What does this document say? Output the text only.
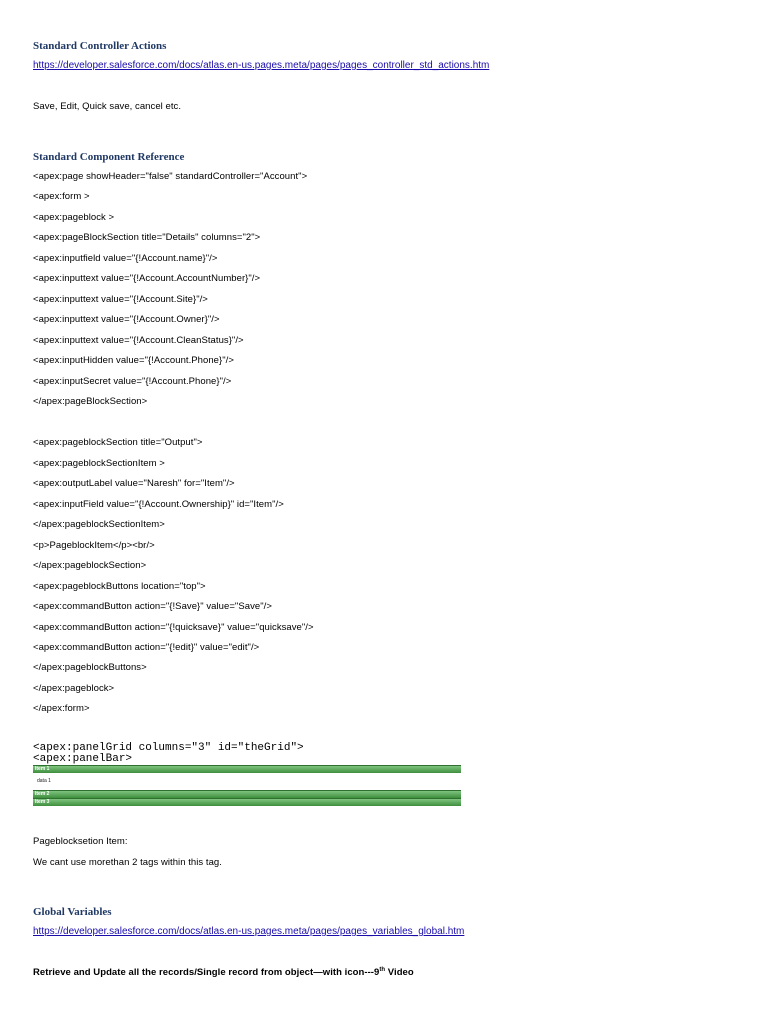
Standard Controller Actions
https://developer.salesforce.com/docs/atlas.en-us.pages.meta/pages/pages_controller_std_actions.htm
Save, Edit, Quick save, cancel etc.
Standard Component Reference
<apex:page showHeader="false" standardController="Account">
<apex:form >
<apex:pageblock >
<apex:pageBlockSection title="Details" columns="2">
<apex:inputfield value="{!Account.name}"/>
<apex:inputtext value="{!Account.AccountNumber}"/>
<apex:inputtext value="{!Account.Site}"/>
<apex:inputtext value="{!Account.Owner}"/>
<apex:inputtext value="{!Account.CleanStatus}"/>
<apex:inputHidden value="{!Account.Phone}"/>
<apex:inputSecret value="{!Account.Phone}"/>
</apex:pageBlockSection>
<apex:pageblockSection title="Output">
<apex:pageblockSectionItem >
<apex:outputLabel value="Naresh" for="Item"/>
<apex:inputField value="{!Account.Ownership}" id="Item"/>
</apex:pageblockSectionItem>
<p>PageblockItem</p><br/>
</apex:pageblockSection>
<apex:pageblockButtons location="top">
<apex:commandButton action="{!Save}" value="Save"/>
<apex:commandButton action="{!quicksave}" value="quicksave"/>
<apex:commandButton action="{!edit}" value="edit"/>
</apex:pageblockButtons>
</apex:pageblock>
</apex:form>
<apex:panelGrid columns="3" id="theGrid">
<apex:panelBar>
Item 1
data 1
Item 2
Item 3
Pageblocksetion Item:
We cant use morethan 2 tags within this tag.
Global Variables
https://developer.salesforce.com/docs/atlas.en-us.pages.meta/pages/pages_variables_global.htm
Retrieve and Update all the records/Single record from object—with icon---9th Video
